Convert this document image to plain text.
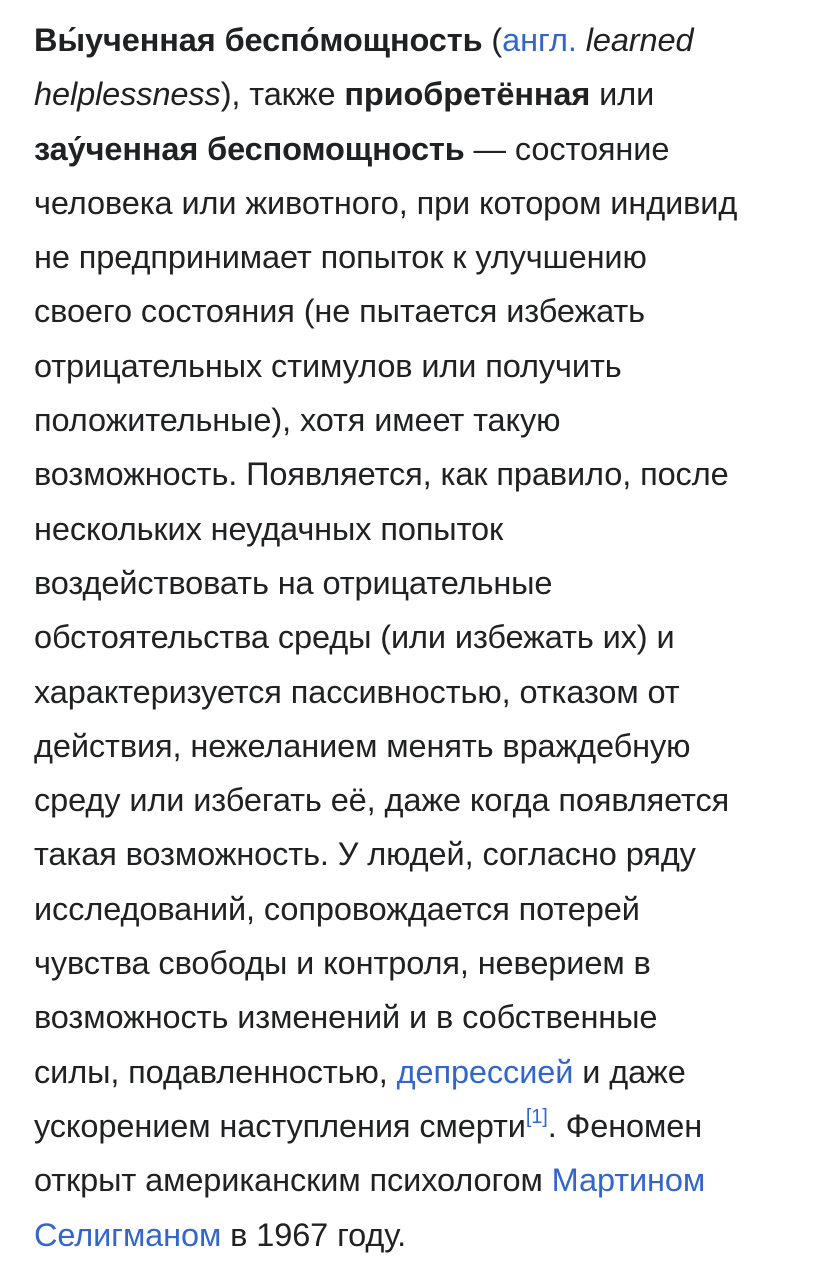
Вы́ученная беспо́мощность (англ. learned
helplessness), также приобретённая или
зау́ченная беспомощность — состояние
человека или животного, при котором индивид
не предпринимает попыток к улучшению
своего состояния (не пытается избежать
отрицательных стимулов или получить
положительные), хотя имеет такую
возможность. Появляется, как правило, после
нескольких неудачных попыток
воздействовать на отрицательные
обстоятельства среды (или избежать их) и
характеризуется пассивностью, отказом от
действия, нежеланием менять враждебную
среду или избегать её, даже когда появляется
такая возможность. У людей, согласно ряду
исследований, сопровождается потерей
чувства свободы и контроля, неверием в
возможность изменений и в собственные
силы, подавленностью, депрессией и даже
ускорением наступления смерти[1]. Феномен
открыт американским психологом Мартином
Селигманом в 1967 году.
